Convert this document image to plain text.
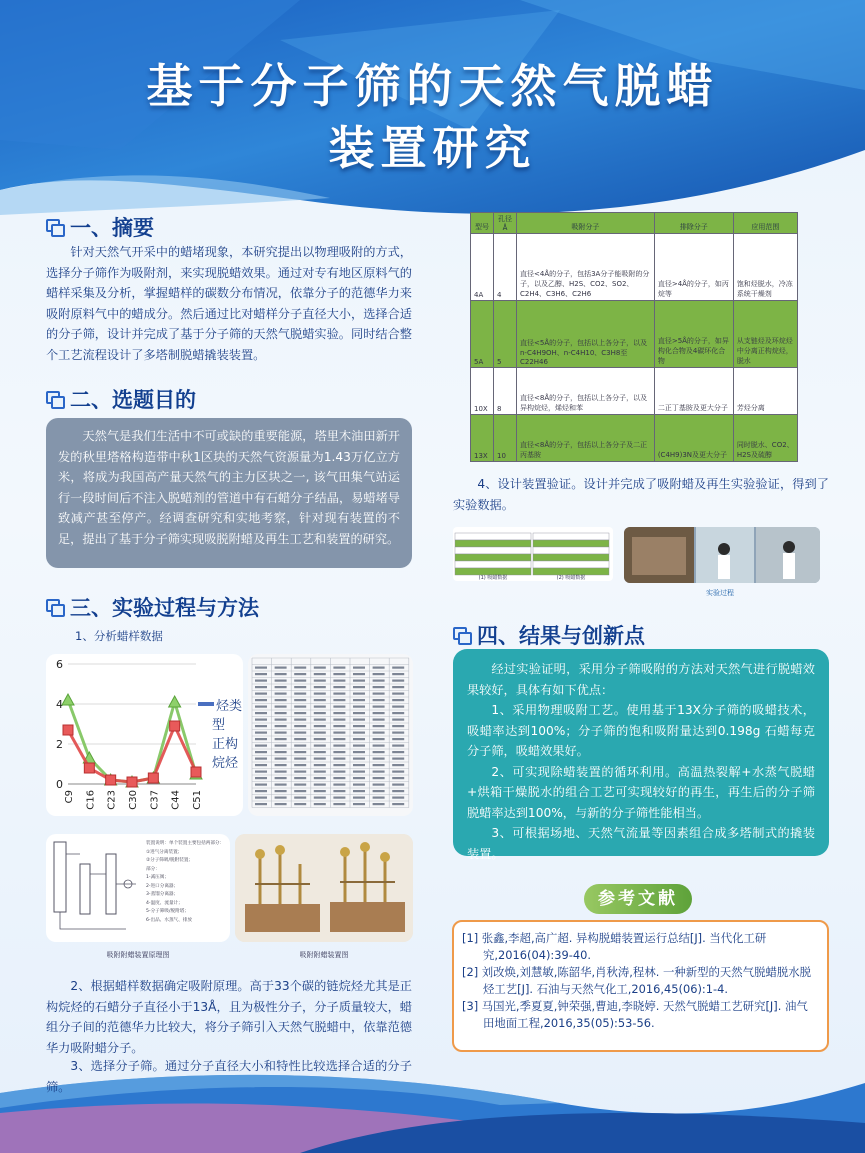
基于分子筛的天然气脱蜡
装置研究
一、摘要
针对天然气开采中的蜡堵现象，本研究提出以物理吸附的方式，选择分子筛作为吸附剂，来实现脱蜡效果。通过对专有地区原料气的蜡样采集及分析，掌握蜡样的碳数分布情况，依靠分子的范德华力来吸附原料气中的蜡成分。然后通过比对蜡样分子直径大小，选择合适的分子筛，设计并完成了基于分子筛的天然气脱蜡实验。同时结合整个工艺流程设计了多塔制脱蜡撬装装置。
二、选题目的
天然气是我们生活中不可或缺的重要能源，塔里木油田新开发的秋里塔格构造带中秋1区块的天然气资源量为1.43万亿立方米，将成为我国高产量天然气的主力区块之一, 该气田集气站运行一段时间后不注入脱蜡剂的管道中有石蜡分子结晶，易蜡堵导致减产甚至停产。经调查研究和实地考察，针对现有装置的不足，提出了基于分子筛实现吸脱附蜡及再生工艺和装置的研究。
三、实验过程与方法
1、分析蜡样数据
0
2
4
6
C9 C16 C23 C30 C37 C44 C51
烃类型 正构烷烃
装置说明：单个装置主要包括两部分：
①进气分离装置；
②分子筛吸/脱附装置；
部分：
1-减压阀；
2-进口分离器；
3-蒸馏分离器；
4-温度、流量计；
5-分子筛吸/脱附塔；
6-出品、水蒸气、排放
吸附附蜡装置原理图	吸附附蜡装置图
2、根据蜡样数据确定吸附原理。高于33个碳的链烷烃尤其是正构烷烃的石蜡分子直径小于13Å，且为极性分子，分子质量较大，蜡组分子间的范德华力比较大，将分子筛引入天然气脱蜡中，依靠范德华力吸附蜡分子。
3、选择分子筛。通过分子直径大小和特性比较选择合适的分子筛。
型号	孔径Å	吸附分子	排除分子	应用范围
4A	4	直径<4Å的分子，包括3A分子能吸附的分子，以及乙醇、H2S、CO2、SO2、C2H4、C3H6、C2H6	直径>4Å的分子，如丙烷等	饱和烃脱水，冷冻系统干燥剂
5A	5	直径<5Å的分子，包括以上各分子，以及n-C4H9OH、n-C4H10、C3H8至C22H46	直径>5Å的分子，如异构化合物及4碳环化合物	从支链烃及环烷烃中分离正构烷烃，脱水
10X	8	直径<8Å的分子，包括以上各分子，以及异构烷烃，烯烃和苯	二正丁基胺及更大分子	芳烃分离
13X	10	直径<8Å的分子，包括以上各分子及二正丙基胺	(C4H9)3N及更大分子	同时脱水、CO2、H2S及硫醇
4、设计装置验证。设计并完成了吸附蜡及再生实验验证，得到了实验数据。
(1) 吸蜡数据	(2) 吸蜡数据
实验过程
四、结果与创新点

经过实验证明，采用分子筛吸附的方法对天然气进行脱蜡效果较好，具体有如下优点：

1、采用物理吸附工艺。使用基于13X分子筛的吸蜡技术，吸蜡率达到100%；分子筛的饱和吸附量达到0.198g 石蜡每克分子筛，吸蜡效果好。

2、可实现除蜡装置的循环利用。高温热裂解+水蒸气脱蜡+烘箱干燥脱水的组合工艺可实现较好的再生，再生后的分子筛脱蜡率达到100%，与新的分子筛性能相当。

3、可根据场地、天然气流量等因素组合成多塔制式的撬装装置。

参考文献
[1] 张鑫,李超,高广超. 异构脱蜡装置运行总结[J]. 当代化工研究,2016(04):39-40.
[2] 刘改焕,刘慧敏,陈韶华,肖秋涛,程林. 一种新型的天然气脱蜡脱水脱烃工艺[J]. 石油与天然气化工,2016,45(06):1-4.
[3] 马国光,季夏夏,钟荣强,曹迪,李晓婷. 天然气脱蜡工艺研究[J]. 油气田地面工程,2016,35(05):53-56.
